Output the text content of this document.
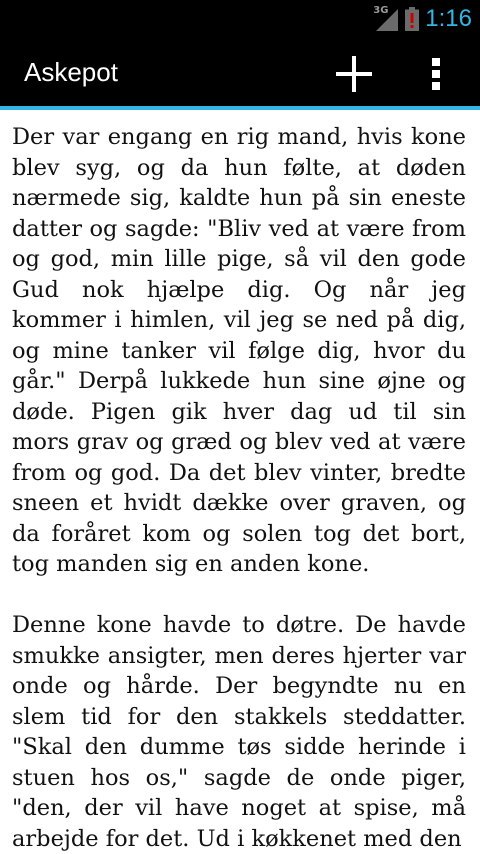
3G 1:16
Askepot

Der var engang en rig mand, hvis kone blev syg, og da hun følte, at døden nærmede sig, kaldte hun på sin eneste datter og sagde: "Bliv ved at være from og god, min lille pige, så vil den gode Gud nok hjælpe dig. Og når jeg kommer i himlen, vil jeg se ned på dig, og mine tanker vil følge dig, hvor du går." Derpå lukkede hun sine øjne og døde. Pigen gik hver dag ud til sin mors grav og græd og blev ved at være from og god. Da det blev vinter, bredte sneen et hvidt dække over graven, og da foråret kom og solen tog det bort, tog manden sig en anden kone.

Denne kone havde to døtre. De havde smukke ansigter, men deres hjerter var onde og hårde. Der begyndte nu en slem tid for den stakkels steddatter. "Skal den dumme tøs sidde herinde i stuen hos os," sagde de onde piger, "den, der vil have noget at spise, må arbejde for det. Ud i køkkenet med den
